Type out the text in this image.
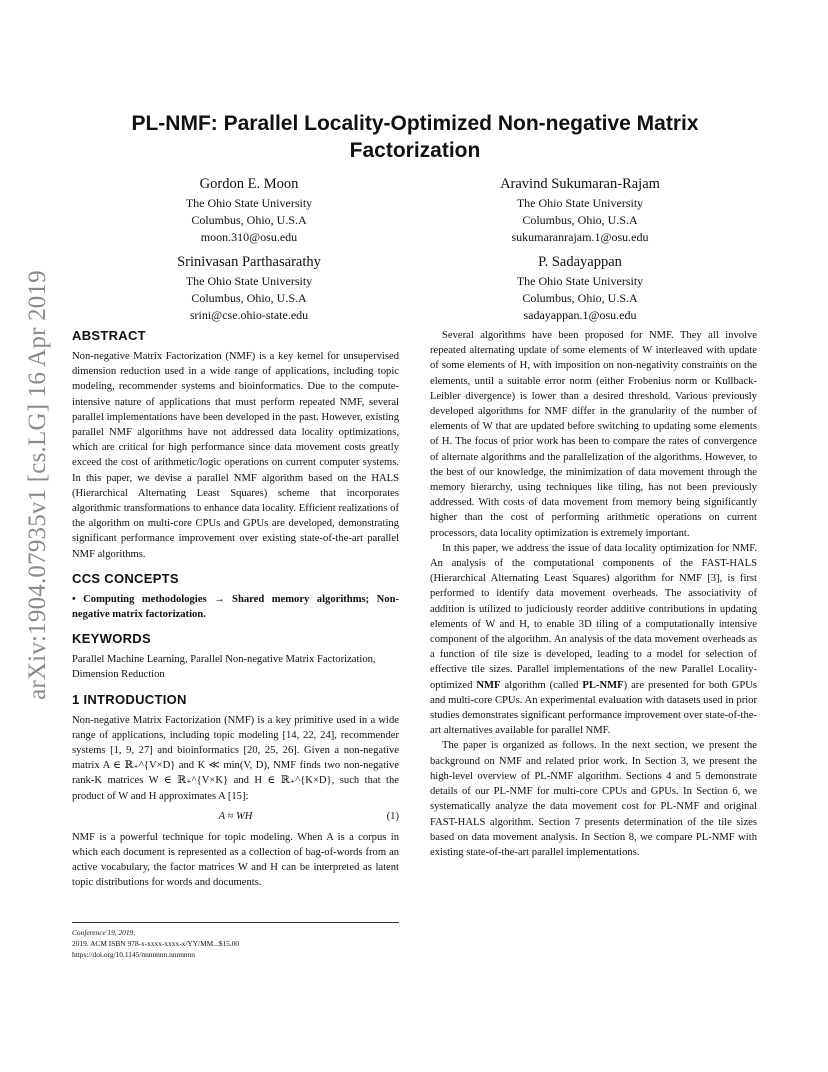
arXiv:1904.07935v1 [cs.LG] 16 Apr 2019
PL-NMF: Parallel Locality-Optimized Non-negative Matrix Factorization
Gordon E. Moon
The Ohio State University
Columbus, Ohio, U.S.A
moon.310@osu.edu
Aravind Sukumaran-Rajam
The Ohio State University
Columbus, Ohio, U.S.A
sukumaranrajam.1@osu.edu
Srinivasan Parthasarathy
The Ohio State University
Columbus, Ohio, U.S.A
srini@cse.ohio-state.edu
P. Sadayappan
The Ohio State University
Columbus, Ohio, U.S.A
sadayappan.1@osu.edu
ABSTRACT

Non-negative Matrix Factorization (NMF) is a key kernel for unsupervised dimension reduction used in a wide range of applications, including topic modeling, recommender systems and bioinformatics. Due to the compute-intensive nature of applications that must perform repeated NMF, several parallel implementations have been developed in the past. However, existing parallel NMF algorithms have not addressed data locality optimizations, which are critical for high performance since data movement costs greatly exceed the cost of arithmetic/logic operations on current computer systems. In this paper, we devise a parallel NMF algorithm based on the HALS (Hierarchical Alternating Least Squares) scheme that incorporates algorithmic transformations to enhance data locality. Efficient realizations of the algorithm on multi-core CPUs and GPUs are developed, demonstrating significant performance improvement over existing state-of-the-art parallel NMF algorithms.

CCS CONCEPTS

• Computing methodologies → Shared memory algorithms; Non-negative matrix factorization.

KEYWORDS

Parallel Machine Learning, Parallel Non-negative Matrix Factorization, Dimension Reduction

1 INTRODUCTION

Non-negative Matrix Factorization (NMF) is a key primitive used in a wide range of applications, including topic modeling [14, 22, 24], recommender systems [1, 9, 27] and bioinformatics [20, 25, 26]. Given a non-negative matrix A ∈ ℝ₊^{V×D} and K ≪ min(V, D), NMF finds two non-negative rank-K matrices W ∈ ℝ₊^{V×K} and H ∈ ℝ₊^{K×D}, such that the product of W and H approximates A [15]:

A ≈ WH	(1)

NMF is a powerful technique for topic modeling. When A is a corpus in which each document is represented as a collection of bag-of-words from an active vocabulary, the factor matrices W and H can be interpreted as latent topic distributions for words and documents.

Several algorithms have been proposed for NMF. They all involve repeated alternating update of some elements of W interleaved with update of some elements of H, with imposition on non-negativity constraints on the elements, until a suitable error norm (either Frobenius norm or Kullback-Leibler divergence) is lower than a desired threshold. Various previously developed algorithms for NMF differ in the granularity of the number of elements of W that are updated before switching to updating some elements of H. The focus of prior work has been to compare the rates of convergence of alternate algorithms and the parallelization of the algorithms. However, to the best of our knowledge, the minimization of data movement through the memory hierarchy, using techniques like tiling, has not been previously addressed. With costs of data movement from memory being significantly higher than the cost of performing arithmetic operations on current processors, data locality optimization is extremely important.

In this paper, we address the issue of data locality optimization for NMF. An analysis of the computational components of the FAST-HALS (Hierarchical Alternating Least Squares) algorithm for NMF [3], is first performed to identify data movement overheads. The associativity of addition is utilized to judiciously reorder additive contributions in updating elements of W and H, to enable 3D tiling of a computationally intensive component of the algorithm. An analysis of the data movement overheads as a function of tile size is developed, leading to a model for selection of effective tile sizes. Parallel implementations of the new Parallel Locality-optimized NMF algorithm (called PL-NMF) are presented for both GPUs and multi-core CPUs. An experimental evaluation with datasets used in prior studies demonstrates significant performance improvement over state-of-the-art alternatives available for parallel NMF.

The paper is organized as follows. In the next section, we present the background on NMF and related prior work. In Section 3, we present the high-level overview of PL-NMF algorithm. Sections 4 and 5 demonstrate details of our PL-NMF for multi-core CPUs and GPUs. In Section 6, we systematically analyze the data movement cost for PL-NMF and original FAST-HALS algorithm. Section 7 presents determination of the tile sizes based on data movement analysis. In Section 8, we compare PL-NMF with existing state-of-the-art parallel implementations.

Conference'19, 2019,
2019. ACM ISBN 978-x-xxxx-xxxx-x/YY/MM...$15.00
https://doi.org/10.1145/nnnnnnn.nnnnnnn
